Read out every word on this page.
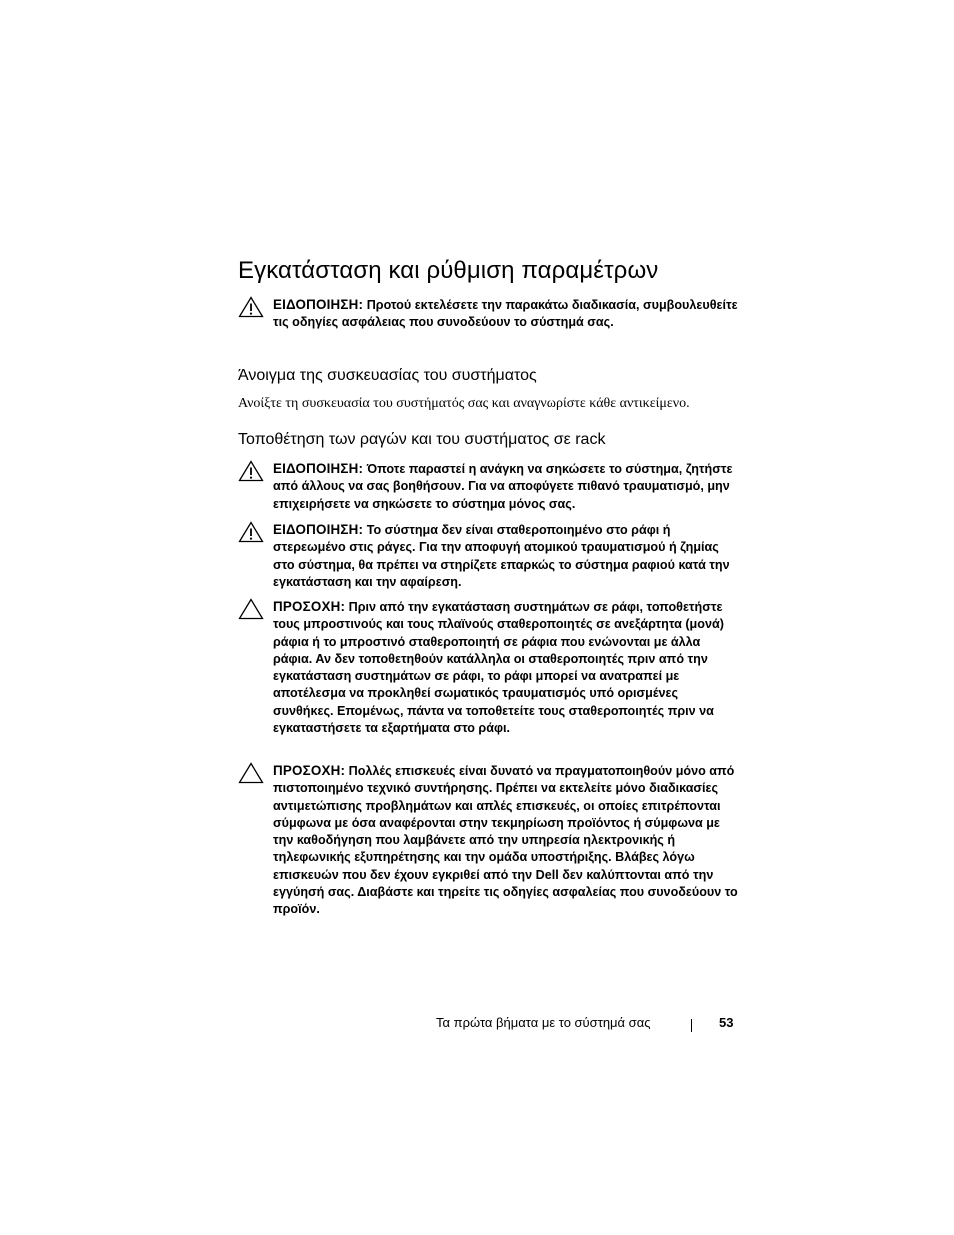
Εγκατάσταση και ρύθμιση παραμέτρων
ΕΙΔΟΠΟΙΗΣΗ: Προτού εκτελέσετε την παρακάτω διαδικασία, συμβουλευθείτε τις οδηγίες ασφάλειας που συνοδεύουν το σύστημά σας.
Άνοιγμα της συσκευασίας του συστήματος

Ανοίξτε τη συσκευασία του συστήματός σας και αναγνωρίστε κάθε αντικείμενο.

Τοποθέτηση των ραγών και του συστήματος σε rack
ΕΙΔΟΠΟΙΗΣΗ: Όποτε παραστεί η ανάγκη να σηκώσετε το σύστημα, ζητήστε από άλλους να σας βοηθήσουν. Για να αποφύγετε πιθανό τραυματισμό, μην επιχειρήσετε να σηκώσετε το σύστημα μόνος σας.
ΕΙΔΟΠΟΙΗΣΗ: Το σύστημα δεν είναι σταθεροποιημένο στο ράφι ή στερεωμένο στις ράγες. Για την αποφυγή ατομικού τραυματισμού ή ζημίας στο σύστημα, θα πρέπει να στηρίζετε επαρκώς το σύστημα ραφιού κατά την εγκατάσταση και την αφαίρεση.
ΠΡΟΣΟΧΗ: Πριν από την εγκατάσταση συστημάτων σε ράφι, τοποθετήστε τους μπροστινούς και τους πλαϊνούς σταθεροποιητές σε ανεξάρτητα (μονά) ράφια ή το μπροστινό σταθεροποιητή σε ράφια που ενώνονται με άλλα ράφια. Αν δεν τοποθετηθούν κατάλληλα οι σταθεροποιητές πριν από την εγκατάσταση συστημάτων σε ράφι, το ράφι μπορεί να ανατραπεί με αποτέλεσμα να προκληθεί σωματικός τραυματισμός υπό ορισμένες συνθήκες. Επομένως, πάντα να τοποθετείτε τους σταθεροποιητές πριν να εγκαταστήσετε τα εξαρτήματα στο ράφι.
ΠΡΟΣΟΧΗ: Πολλές επισκευές είναι δυνατό να πραγματοποιηθούν μόνο από πιστοποιημένο τεχνικό συντήρησης. Πρέπει να εκτελείτε μόνο διαδικασίες αντιμετώπισης προβλημάτων και απλές επισκευές, οι οποίες επιτρέπονται σύμφωνα με όσα αναφέρονται στην τεκμηρίωση προϊόντος ή σύμφωνα με την καθοδήγηση που λαμβάνετε από την υπηρεσία ηλεκτρονικής ή τηλεφωνικής εξυπηρέτησης και την ομάδα υποστήριξης. Βλάβες λόγω επισκευών που δεν έχουν εγκριθεί από την Dell δεν καλύπτονται από την εγγύησή σας. Διαβάστε και τηρείτε τις οδηγίες ασφαλείας που συνοδεύουν το προϊόν.
Τα πρώτα βήματα με το σύστημά σας	53
